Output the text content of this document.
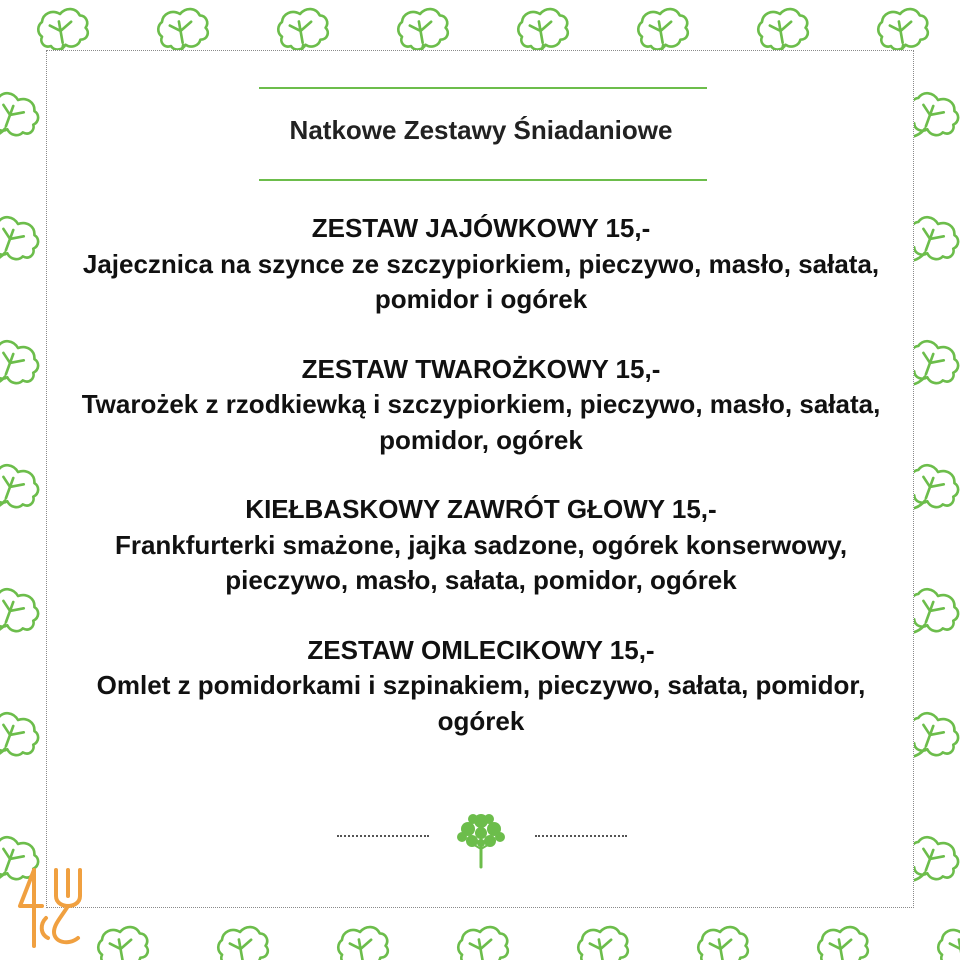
Natkowe Zestawy Śniadaniowe

ZESTAW JAJÓWKOWY 15,-

Jajecznica na szynce ze szczypiorkiem, pieczywo, masło, sałata, pomidor i ogórek

ZESTAW TWAROŻKOWY 15,-

Twarożek z rzodkiewką i szczypiorkiem, pieczywo, masło, sałata, pomidor, ogórek

KIEŁBASKOWY ZAWRÓT GŁOWY 15,-

Frankfurterki smażone, jajka sadzone, ogórek konserwowy, pieczywo, masło, sałata, pomidor, ogórek

ZESTAW OMLECIKOWY 15,-

Omlet z pomidorkami i szpinakiem, pieczywo, sałata, pomidor, ogórek
